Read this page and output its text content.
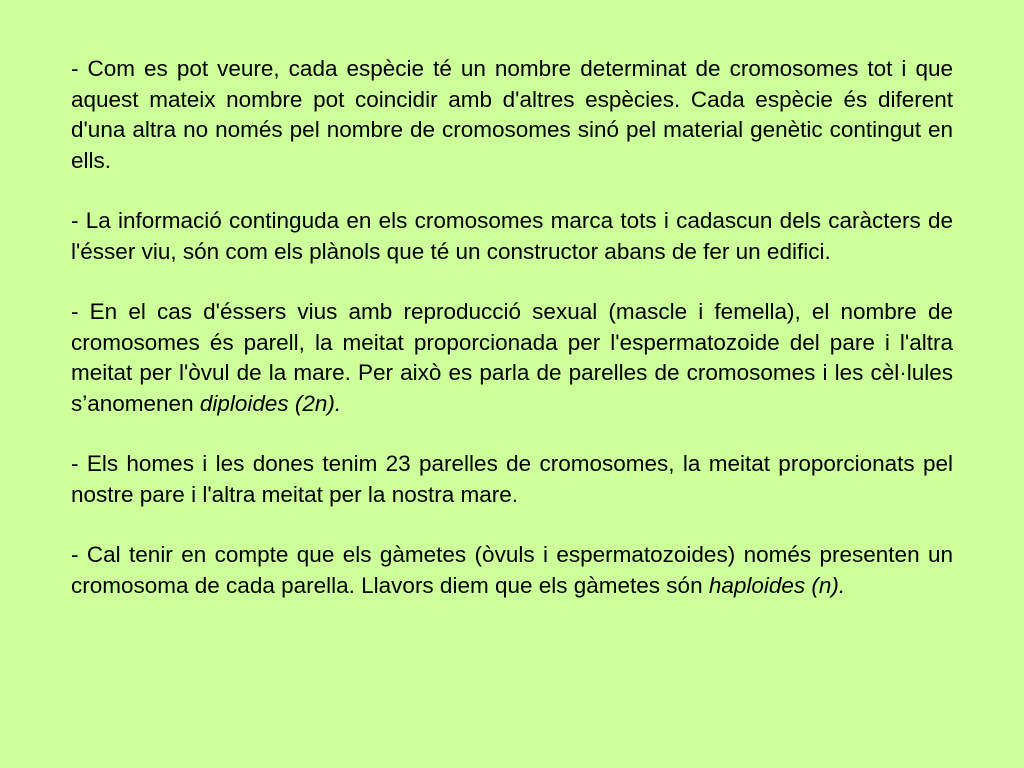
- Com es pot veure, cada espècie té un nombre determinat de cromosomes tot i que aquest mateix nombre pot coincidir amb d'altres espècies. Cada espècie és diferent d'una altra no només pel nombre de cromosomes sinó pel material genètic contingut en ells.

- La informació continguda en els cromosomes marca tots i cadascun dels caràcters de l'ésser viu, són com els plànols que té un constructor abans de fer un edifici.

- En el cas d'éssers vius amb reproducció sexual (mascle i femella), el nombre de cromosomes és parell, la meitat proporcionada per l'espermatozoide del pare i l'altra meitat per l'òvul de la mare. Per això es parla de parelles de cromosomes i les cèl·lules s’anomenen diploides (2n).

- Els homes i les dones tenim 23 parelles de cromosomes, la meitat proporcionats pel nostre pare i l'altra meitat per la nostra mare.

- Cal tenir en compte que els gàmetes (òvuls i espermatozoides) només presenten un cromosoma de cada parella. Llavors diem que els gàmetes són haploides (n).
